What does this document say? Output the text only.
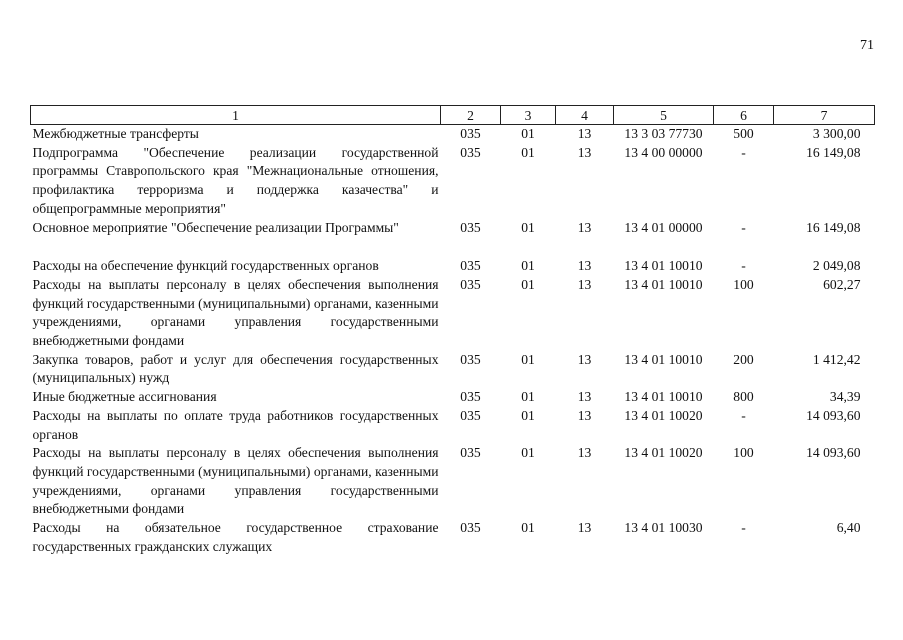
71
1	2	3	4	5	6	7
Межбюджетные трансферты	035	01	13	13 3 03 77730	500	3 300,00
Подпрограмма "Обеспечение реализации государственной программы Ставропольского края "Межнациональные отношения, профилактика терроризма и поддержка казачества" и общепрограммные мероприятия"	035	01	13	13 4 00 00000	-	16 149,08
Основное мероприятие "Обеспечение реализации Программы"	035	01	13	13 4 01 00000	-	16 149,08
Расходы на обеспечение функций государственных органов	035	01	13	13 4 01 10010	-	2 049,08
Расходы на выплаты персоналу в целях обеспечения выполнения функций государственными (муниципальными) органами, казенными учреждениями, органами управления государственными внебюджетными фондами	035	01	13	13 4 01 10010	100	602,27
Закупка товаров, работ и услуг для обеспечения государственных (муниципальных) нужд	035	01	13	13 4 01 10010	200	1 412,42
Иные бюджетные ассигнования	035	01	13	13 4 01 10010	800	34,39
Расходы на выплаты по оплате труда работников государственных органов	035	01	13	13 4 01 10020	-	14 093,60
Расходы на выплаты персоналу в целях обеспечения выполнения функций государственными (муниципальными) органами, казенными учреждениями, органами управления государственными внебюджетными фондами	035	01	13	13 4 01 10020	100	14 093,60
Расходы на обязательное государственное страхование государственных гражданских служащих	035	01	13	13 4 01 10030	-	6,40
